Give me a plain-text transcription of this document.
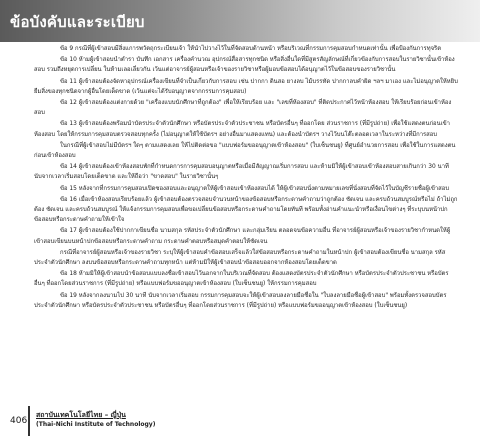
ข้อบังคับและระเบียบ

ข้อ 9 กรณีที่ผู้เข้าสอบมีสิ่งแการพวัตถุกระเบียนเจ้า ให้นำไปวางไว้ในที่จัดสอบด้านหน้า หรือบริเวณที่กรรมการคุมสอบกำหนดเท่านั้น เพื่อป้องกันการทุจริต

ข้อ 10 ห้ามผู้เข้าสอบนำตำรา บันทึก เอกสาร เครื่องคำนวณ อุปกรณ์สื่อสารทุกชนิด หรือสิ่งอื่นใดที่มีสูตรสัญลักษณ์ที่เกี่ยวข้องกับการสอบในรายวิชานั้นเข้าห้องสอบ รวมถึงหยุดการเปลี่ยน ในห้ามเลอเลี่ยวกัน เว้นแต่อาจารย์ผู้สอนหรือเจ้าของรายวิชาหรือผู้มอบข้อสอบได้อนุญาตไว้ในข้อสอบของรายวิชานั้น

ข้อ 11 ผู้เข้าสอบต้องจัดหาอุปกรณ์เครื่องเขียนที่จำเป็นเกี่ยวกับการสอบ เช่น ปากกา ดินสอ ยางลบ ไม้บรรทัด ปากกาลบคำผิด ฯลฯ มาเอง และไม่อนุญาตให้หยิบยืมสิ่งของทุกชนิดจากผู้อื่นโดยเด็ดขาด (เว้นแต่จะได้รับอนุญาตจากกรรมการคุมสอบ)

ข้อ 12 ผู้เข้าสอบต้องแต่งกายด้วย "เครื่องแบบนักศึกษาที่ถูกต้อง" เพื่อให้เรียบร้อย และ "เลขที่ห้องสอบ" ที่ติดประกาศไว้หน้าห้องสอบ ให้เรียบร้อยก่อนเข้าห้องสอบ

ข้อ 13 ผู้เข้าสอบต้องพร้อมนำบัตรประจำตัวนักศึกษา หรือบัตรประจำตัวประชาชน หรือบัตรอื่นๆ ที่ออกโดย ส่วนราชการ (ที่มีรูปถ่าย) เพื่อใช้แสดงตนก่อนเข้าห้องสอบ โดยให้กรรมการคุมสอบตรวจสอบทุกครั้ง (ไม่อนุญาตให้ใช้บัตรฯ อย่างอื่นมาแสดงแทน) และต้องนำบัตรฯ วางไว้บนโต๊ะตลอดเวลาในระหว่างที่มีการสอบ

ในกรณีที่ผู้เข้าสอบไม่มีบัตรฯ ใดๆ ตามแสดงเลย ให้ไปติดต่อขอ "แบบฟอร์มขออนุญาตเข้าห้องสอบ" (ใบเซ็นชนยู) ที่ศูนย์อำนวยการสอบ เพื่อใช้ในการแสดงตนก่อนเข้าห้องสอบ

ข้อ 14 ผู้เข้าสอบต้องเข้าห้องสอบพักที่กำหนดการการคุมสอบอนุญาตหรือเมื่อมีสัญญาณเริ่มการสอบ และห้ามมิให้ผู้เข้าสอบเข้าห้องสอบสายเกินกว่า 30 นาที นับจากเวลาเริ่มสอบโดยเด็ดขาด และให้ถือว่า "ขาดสอบ" ในรายวิชานั้นๆ

ข้อ 15 หลังจากที่กรรมการคุมสอบเปิดซองสอบและอนุญาตให้ผู้เข้าสอบเข้าห้องสอบได้ ให้ผู้เข้าสอบนั่งตามหมายเลขที่นั่งสอบที่จัดไว้ในบัญชีรายชื่อผู้เข้าสอบ

ข้อ 16 เมื่อเข้าห้องสอบเรียบร้อยแล้ว ผู้เข้าสอบต้องตรวจสอบจำนวนหน้าของข้อสอบหรือกระดาษคำถามว่าถูกต้อง ชัดเจน และครบถ้วนสมบูรณ์หรือไม่ ถ้าไม่ถูกต้อง ชัดเจน และครบถ้วนสมบูรณ์ ให้แจ้งกรรมการคุมสอบเพื่อขอเปลี่ยนข้อสอบหรือกระดาษคำถามโดยทันที พร้อมทั้งอ่านคำแนะนำหรือเงื่อนไขต่างๆ ที่ระบุบนหน้าปกข้อสอบหรือกระดาษคำถามให้เข้าใจ

ข้อ 17 ผู้เข้าสอบต้องใช้ปากกาเขียนชื่อ นามสกุล รหัสประจำตัวนักศึกษา และกลุ่มเรียน ตลอดจนข้อความอื่น ที่อาจารย์ผู้สอนหรือเจ้าของรายวิชากำหนดให้ผู้เข้าสอบเขียนบนหน้าปกข้อสอบหรือกระดาษคำถาม กระดาษคำตอบหรือสมุดคำตอบให้ชัดเจน

กรณีที่อาจารย์ผู้สอนหรือเจ้าของรายวิชา ระบุให้ผู้เข้าสอบคำข้อสอบเสร็จแล้วใส่ข้อสอบหรือกระดาษคำถามในหน้าปก ผู้เข้าสอบต้องเขียนชื่อ นามสกุล รหัสประจำตัวนักศึกษา ลงบนข้อสอบหรือกระดาษคำถามทุกหน้า แต่ห้ามมิให้ผู้เข้าสอบนำข้อสอบออกจากห้องสอบโดยเด็ดขาด

ข้อ 18 ห้ามมิให้ผู้เข้าสอบนำข้อสอบแบบลงชื่อเข้าสอบไว้นอกจากในบริเวณที่จัดสอบ ต้องแสดงบัตรประจำตัวนักศึกษา หรือบัตรประจำตัวประชาชน หรือบัตรอื่นๆ ที่ออกโดยส่วนราชการ (ที่มีรูปถ่าย) หรือแบบฟอร์มขออนุญาตเข้าห้องสอบ (ใบเซ็นชนยู) ให้กรรมการคุมสอบ

ข้อ 19 หลังจากลงนามไป 30 นาที นับจากเวลาเริ่มสอบ กรรมการคุมสอบจะให้ผู้เข้าสอบลงลายมือชื่อใน "ใบลงลายมือชื่อผู้เข้าสอบ" พร้อมทั้งตรวจสอบบัตรประจำตัวนักศึกษา หรือบัตรประจำตัวประชาชน หรือบัตรอื่นๆ ที่ออกโดยส่วนราชการ (ที่มีรูปถ่าย) หรือแบบฟอร์มขออนุญาตเข้าห้องสอบ (ใบเซ็นชนยู)

406
สถาบันเทคโนโลยีไทย – ญี่ปุ่น
(Thai-Nichi Institute of Technology)
